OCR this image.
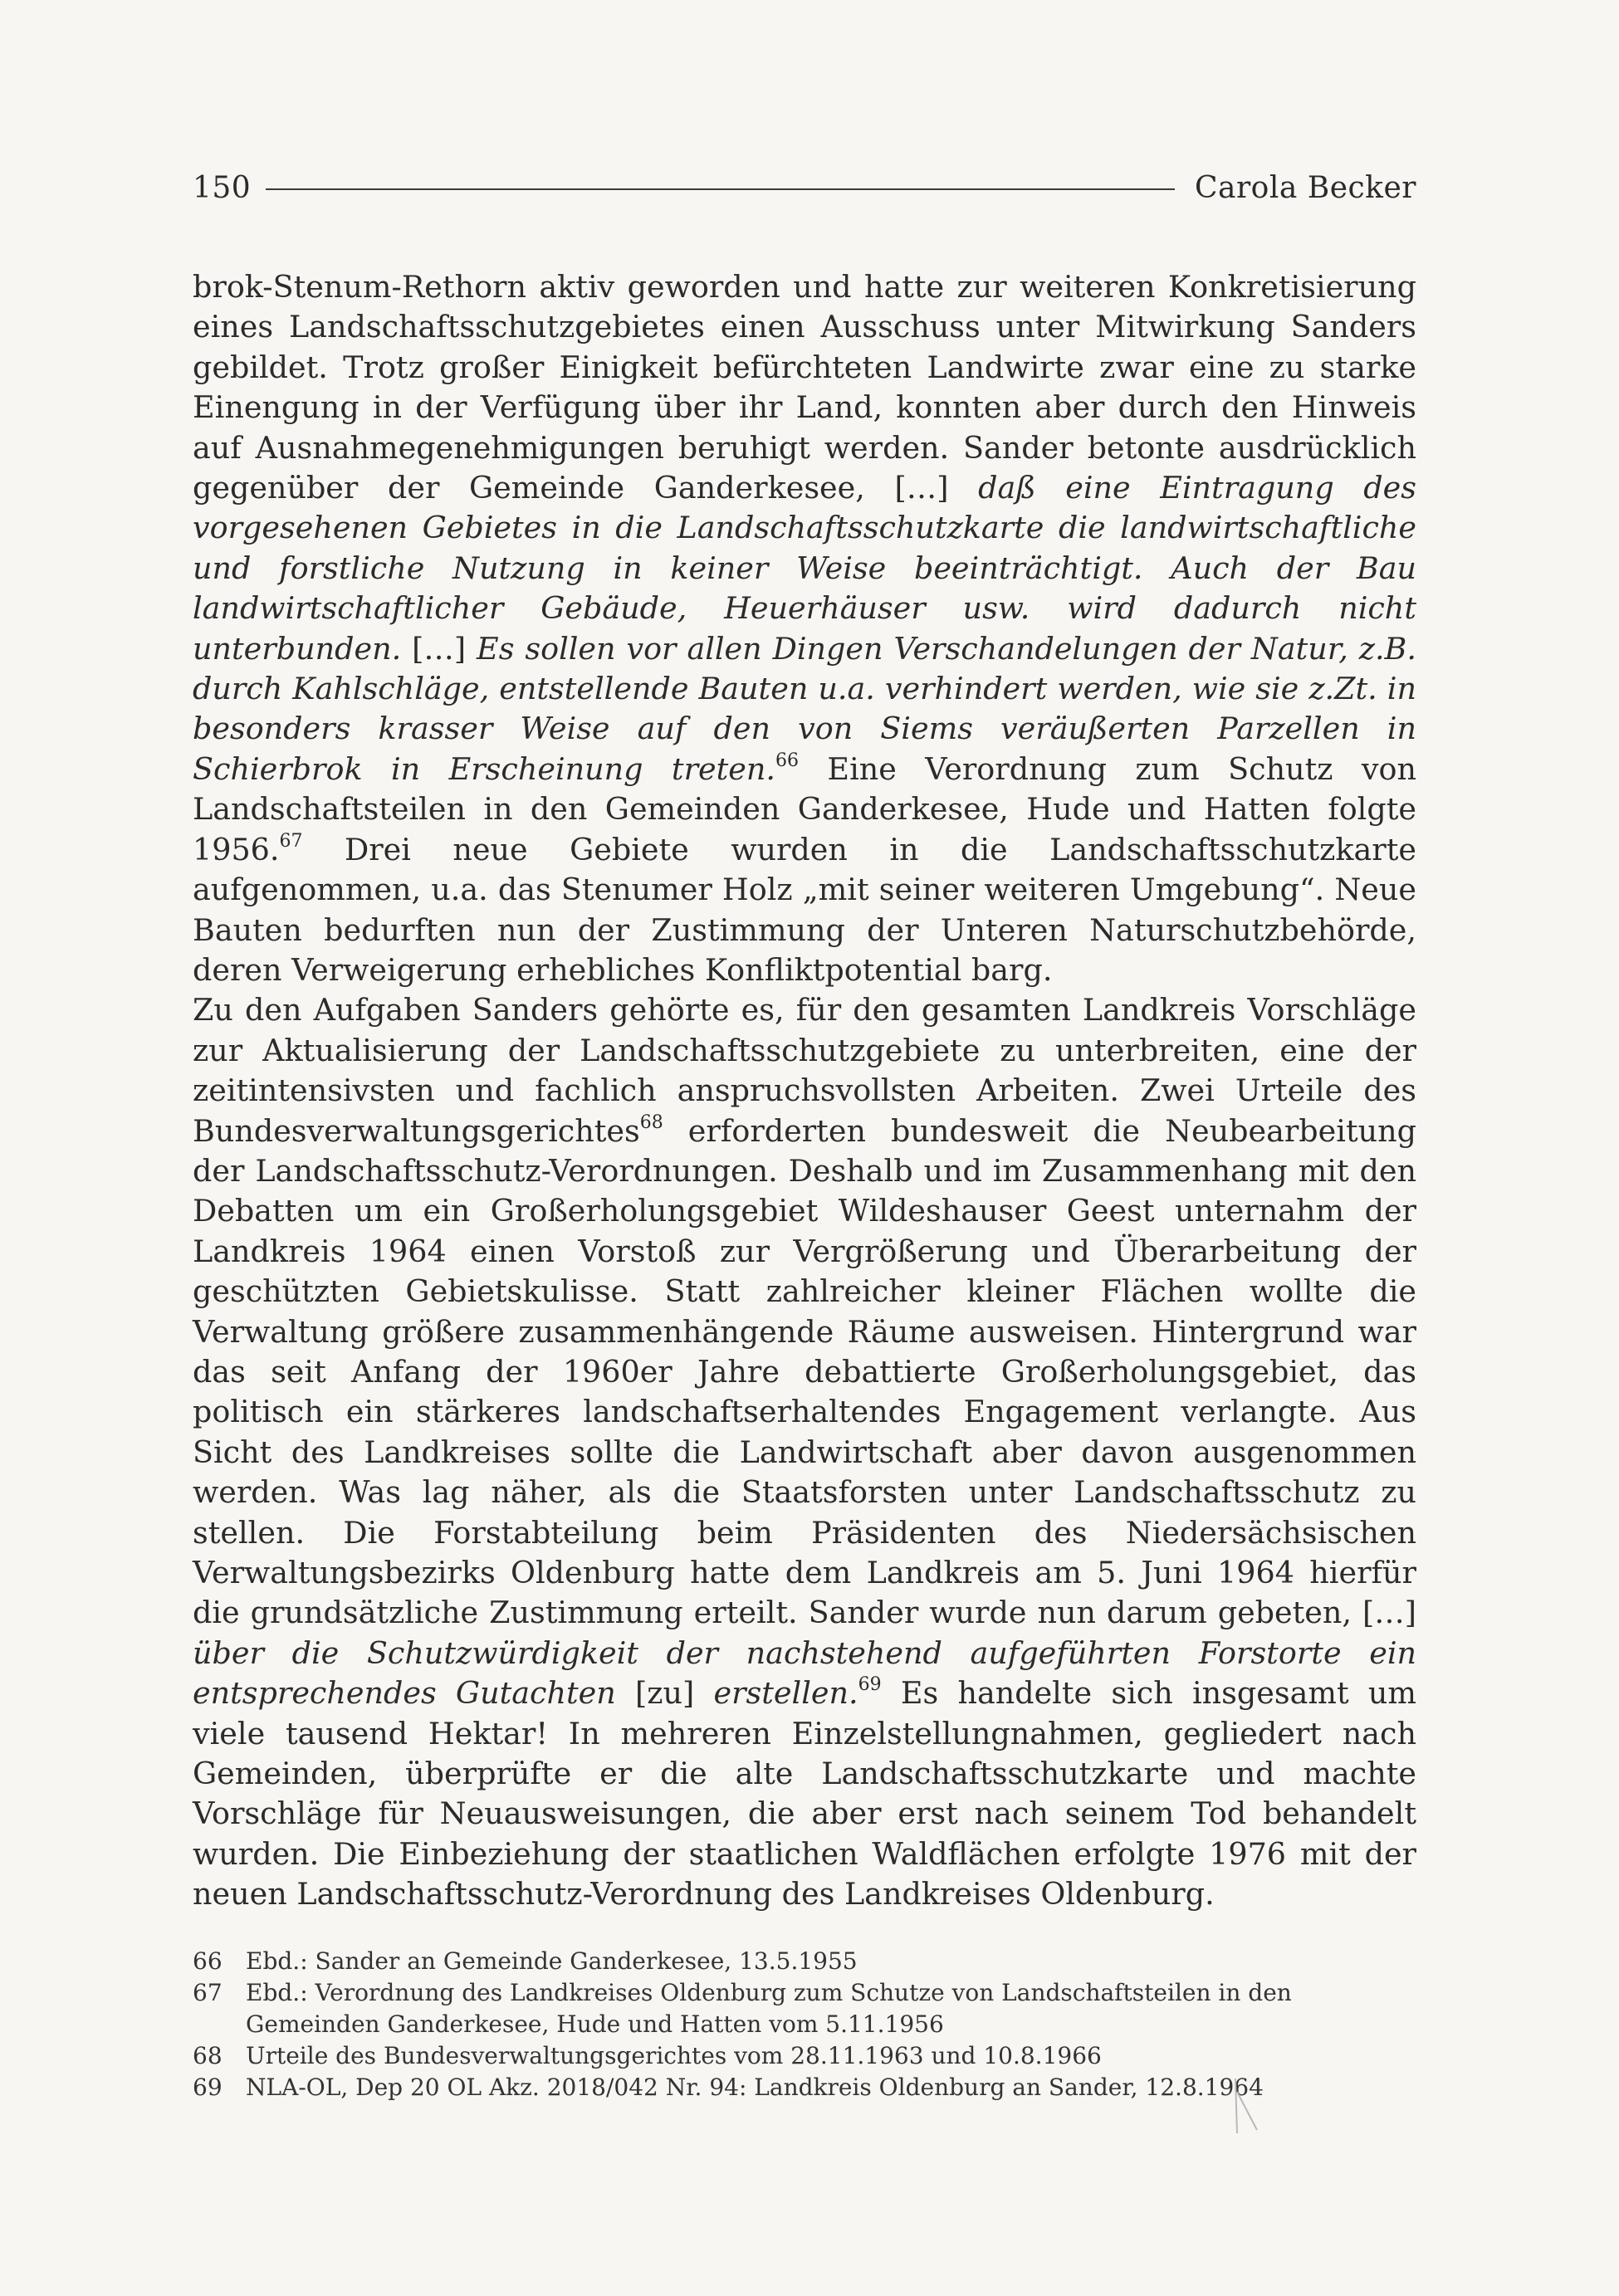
150	Carola Becker

brok-Stenum-Rethorn aktiv geworden und hatte zur weiteren Konkretisierung eines Landschaftsschutzgebietes einen Ausschuss unter Mitwirkung Sanders gebildet. Trotz großer Einigkeit befürchteten Landwirte zwar eine zu starke Einengung in der Verfügung über ihr Land, konnten aber durch den Hinweis auf Ausnahmegenehmigungen beruhigt werden. Sander betonte ausdrücklich gegenüber der Gemeinde Ganderkesee, […] daß eine Eintragung des vorgesehenen Gebietes in die Landschaftsschutzkarte die landwirtschaftliche und forstliche Nutzung in keiner Weise beeinträchtigt. Auch der Bau landwirtschaftlicher Gebäude, Heuerhäuser usw. wird dadurch nicht unterbunden. […] Es sollen vor allen Dingen Verschandelungen der Natur, z.B. durch Kahlschläge, entstellende Bauten u.a. verhindert werden, wie sie z.Zt. in besonders krasser Weise auf den von Siems veräußerten Parzellen in Schierbrok in Erscheinung treten.$^{66}$ Eine Verordnung zum Schutz von Landschaftsteilen in den Gemeinden Ganderkesee, Hude und Hatten folgte 1956.67 Drei neue Gebiete wurden in die Landschaftsschutzkarte aufgenommen, u.a. das Stenumer Holz „mit seiner weiteren Umgebung“. Neue Bauten bedurften nun der Zustimmung der Unteren Naturschutzbehörde, deren Verweigerung erhebliches Konfliktpotential barg.

Zu den Aufgaben Sanders gehörte es, für den gesamten Landkreis Vorschläge zur Aktualisierung der Landschaftsschutzgebiete zu unterbreiten, eine der zeitintensivsten und fachlich anspruchsvollsten Arbeiten. Zwei Urteile des Bundesverwaltungsgerichtes$^{68}$ erforderten bundesweit die Neubearbeitung der Landschaftsschutz-Verordnungen. Deshalb und im Zusammenhang mit den Debatten um ein Großerholungsgebiet Wildeshauser Geest unternahm der Landkreis 1964 einen Vorstoß zur Vergrößerung und Überarbeitung der geschützten Gebietskulisse. Statt zahlreicher kleiner Flächen wollte die Verwaltung größere zusammenhängende Räume ausweisen. Hintergrund war das seit Anfang der 1960er Jahre debattierte Großerholungsgebiet, das politisch ein stärkeres landschaftserhaltendes Engagement verlangte. Aus Sicht des Landkreises sollte die Landwirtschaft aber davon ausgenommen werden. Was lag näher, als die Staatsforsten unter Landschaftsschutz zu stellen. Die Forstabteilung beim Präsidenten des Niedersächsischen Verwaltungsbezirks Oldenburg hatte dem Landkreis am 5. Juni 1964 hierfür die grundsätzliche Zustimmung erteilt. Sander wurde nun darum gebeten, […] über die Schutzwürdigkeit der nachstehend aufgeführten Forstorte ein entsprechendes Gutachten [zu] erstellen.$^{69}$ Es handelte sich insgesamt um viele tausend Hektar! In mehreren Einzelstellungnahmen, gegliedert nach Gemeinden, überprüfte er die alte Landschaftsschutzkarte und machte Vorschläge für Neuausweisungen, die aber erst nach seinem Tod behandelt wurden. Die Einbeziehung der staatlichen Waldflächen erfolgte 1976 mit der neuen Landschaftsschutz-Verordnung des Landkreises Oldenburg.

66	Ebd.: Sander an Gemeinde Ganderkesee, 13.5.1955
67	Ebd.: Verordnung des Landkreises Oldenburg zum Schutze von Landschaftsteilen in den Gemeinden Ganderkesee, Hude und Hatten vom 5.11.1956
68	Urteile des Bundesverwaltungsgerichtes vom 28.11.1963 und 10.8.1966
69	NLA-OL, Dep 20 OL Akz. 2018/042 Nr. 94: Landkreis Oldenburg an Sander, 12.8.1964
